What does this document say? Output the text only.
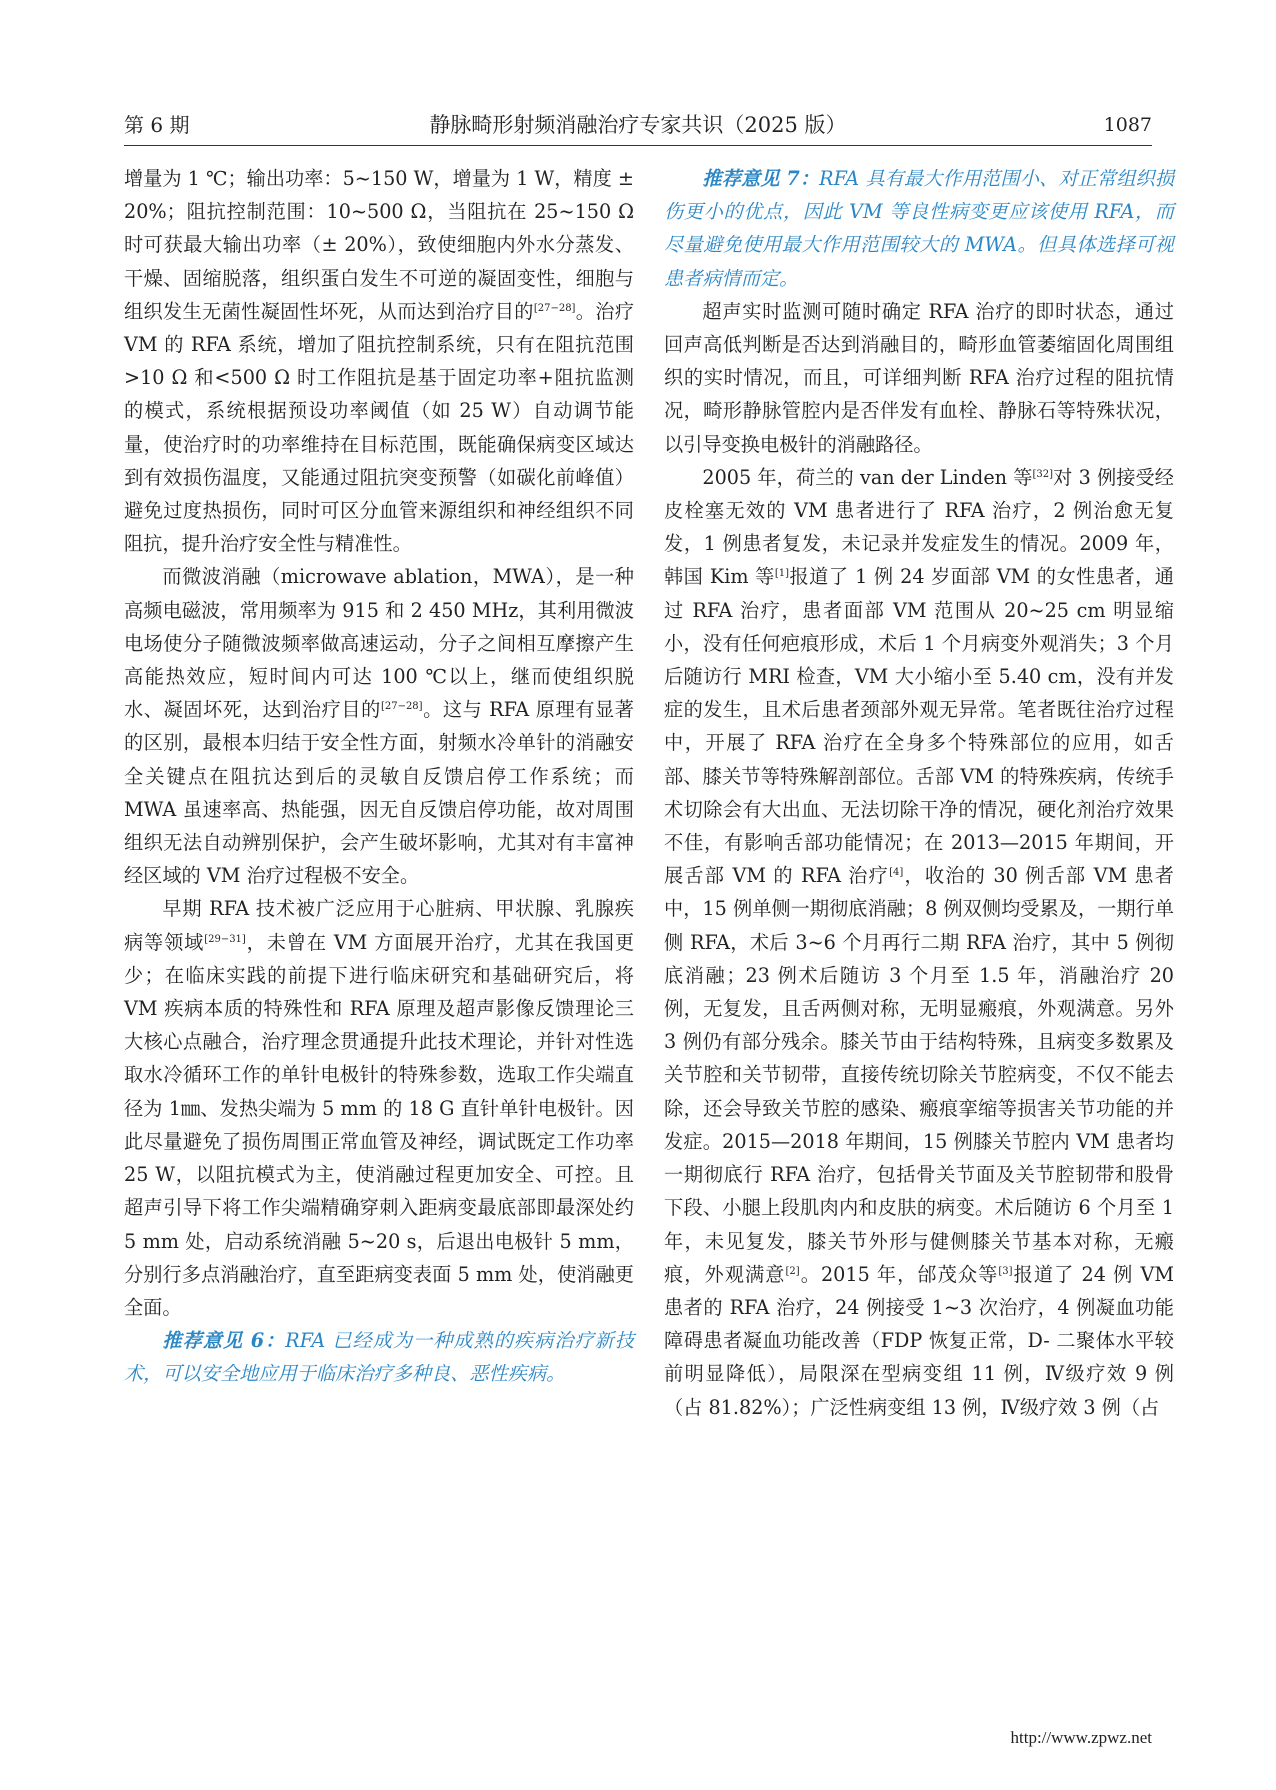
第 6 期	静脉畸形射频消融治疗专家共识（2025 版）	1087

增量为 1 ℃；输出功率：5~150 W，增量为 1 W，精度 ± 20%；阻抗控制范围：10~500 Ω，当阻抗在 25~150 Ω 时可获最大输出功率（± 20%），致使细胞内外水分蒸发、干燥、固缩脱落，组织蛋白发生不可逆的凝固变性，细胞与组织发生无菌性凝固性坏死，从而达到治疗目的[27−28]。治疗 VM 的 RFA 系统，增加了阻抗控制系统，只有在阻抗范围>10 Ω 和<500 Ω 时工作阻抗是基于固定功率+阻抗监测的模式，系统根据预设功率阈值（如 25 W）自动调节能量，使治疗时的功率维持在目标范围，既能确保病变区域达到有效损伤温度，又能通过阻抗突变预警（如碳化前峰值）避免过度热损伤，同时可区分血管来源组织和神经组织不同阻抗，提升治疗安全性与精准性。

而微波消融（microwave ablation，MWA），是一种高频电磁波，常用频率为 915 和 2 450 MHz，其利用微波电场使分子随微波频率做高速运动，分子之间相互摩擦产生高能热效应，短时间内可达 100 ℃以上，继而使组织脱水、凝固坏死，达到治疗目的[27−28]。这与 RFA 原理有显著的区别，最根本归结于安全性方面，射频水冷单针的消融安全关键点在阻抗达到后的灵敏自反馈启停工作系统；而 MWA 虽速率高、热能强，因无自反馈启停功能，故对周围组织无法自动辨别保护，会产生破坏影响，尤其对有丰富神经区域的 VM 治疗过程极不安全。

早期 RFA 技术被广泛应用于心脏病、甲状腺、乳腺疾病等领域[29−31]，未曾在 VM 方面展开治疗，尤其在我国更少；在临床实践的前提下进行临床研究和基础研究后，将 VM 疾病本质的特殊性和 RFA 原理及超声影像反馈理论三大核心点融合，治疗理念贯通提升此技术理论，并针对性选取水冷循环工作的单针电极针的特殊参数，选取工作尖端直径为 1㎜、发热尖端为 5 mm 的 18 G 直针单针电极针。因此尽量避免了损伤周围正常血管及神经，调试既定工作功率 25 W，以阻抗模式为主，使消融过程更加安全、可控。且超声引导下将工作尖端精确穿刺入距病变最底部即最深处约 5 mm 处，启动系统消融 5~20 s，后退出电极针 5 mm，分别行多点消融治疗，直至距病变表面 5 mm 处，使消融更全面。

推荐意见 6：RFA 已经成为一种成熟的疾病治疗新技术，可以安全地应用于临床治疗多种良、恶性疾病。

推荐意见 7：RFA 具有最大作用范围小、对正常组织损伤更小的优点，因此 VM 等良性病变更应该使用 RFA，而尽量避免使用最大作用范围较大的 MWA。但具体选择可视患者病情而定。

超声实时监测可随时确定 RFA 治疗的即时状态，通过回声高低判断是否达到消融目的，畸形血管萎缩固化周围组织的实时情况，而且，可详细判断 RFA 治疗过程的阻抗情况，畸形静脉管腔内是否伴发有血栓、静脉石等特殊状况，以引导变换电极针的消融路径。

2005 年，荷兰的 van der Linden 等[32]对 3 例接受经皮栓塞无效的 VM 患者进行了 RFA 治疗，2 例治愈无复发，1 例患者复发，未记录并发症发生的情况。2009 年，韩国 Kim 等[1]报道了 1 例 24 岁面部 VM 的女性患者，通过 RFA 治疗，患者面部 VM 范围从 20~25 cm 明显缩小，没有任何疤痕形成，术后 1 个月病变外观消失；3 个月后随访行 MRI 检查，VM 大小缩小至 5.40 cm，没有并发症的发生，且术后患者颈部外观无异常。笔者既往治疗过程中，开展了 RFA 治疗在全身多个特殊部位的应用，如舌部、膝关节等特殊解剖部位。舌部 VM 的特殊疾病，传统手术切除会有大出血、无法切除干净的情况，硬化剂治疗效果不佳，有影响舌部功能情况；在 2013—2015 年期间，开展舌部 VM 的 RFA 治疗[4]，收治的 30 例舌部 VM 患者中，15 例单侧一期彻底消融；8 例双侧均受累及，一期行单侧 RFA，术后 3~6 个月再行二期 RFA 治疗，其中 5 例彻底消融；23 例术后随访 3 个月至 1.5 年，消融治疗 20 例，无复发，且舌两侧对称，无明显瘢痕，外观满意。另外 3 例仍有部分残余。膝关节由于结构特殊，且病变多数累及关节腔和关节韧带，直接传统切除关节腔病变，不仅不能去除，还会导致关节腔的感染、瘢痕挛缩等损害关节功能的并发症。2015—2018 年期间，15 例膝关节腔内 VM 患者均一期彻底行 RFA 治疗，包括骨关节面及关节腔韧带和股骨下段、小腿上段肌肉内和皮肤的病变。术后随访 6 个月至 1 年，未见复发，膝关节外形与健侧膝关节基本对称，无瘢痕，外观满意[2]。2015 年，邰茂众等[3]报道了 24 例 VM 患者的 RFA 治疗，24 例接受 1~3 次治疗，4 例凝血功能障碍患者凝血功能改善（FDP 恢复正常，D- 二聚体水平较前明显降低），局限深在型病变组 11 例，Ⅳ级疗效 9 例（占 81.82%）；广泛性病变组 13 例，Ⅳ级疗效 3 例（占

http://www.zpwz.net
